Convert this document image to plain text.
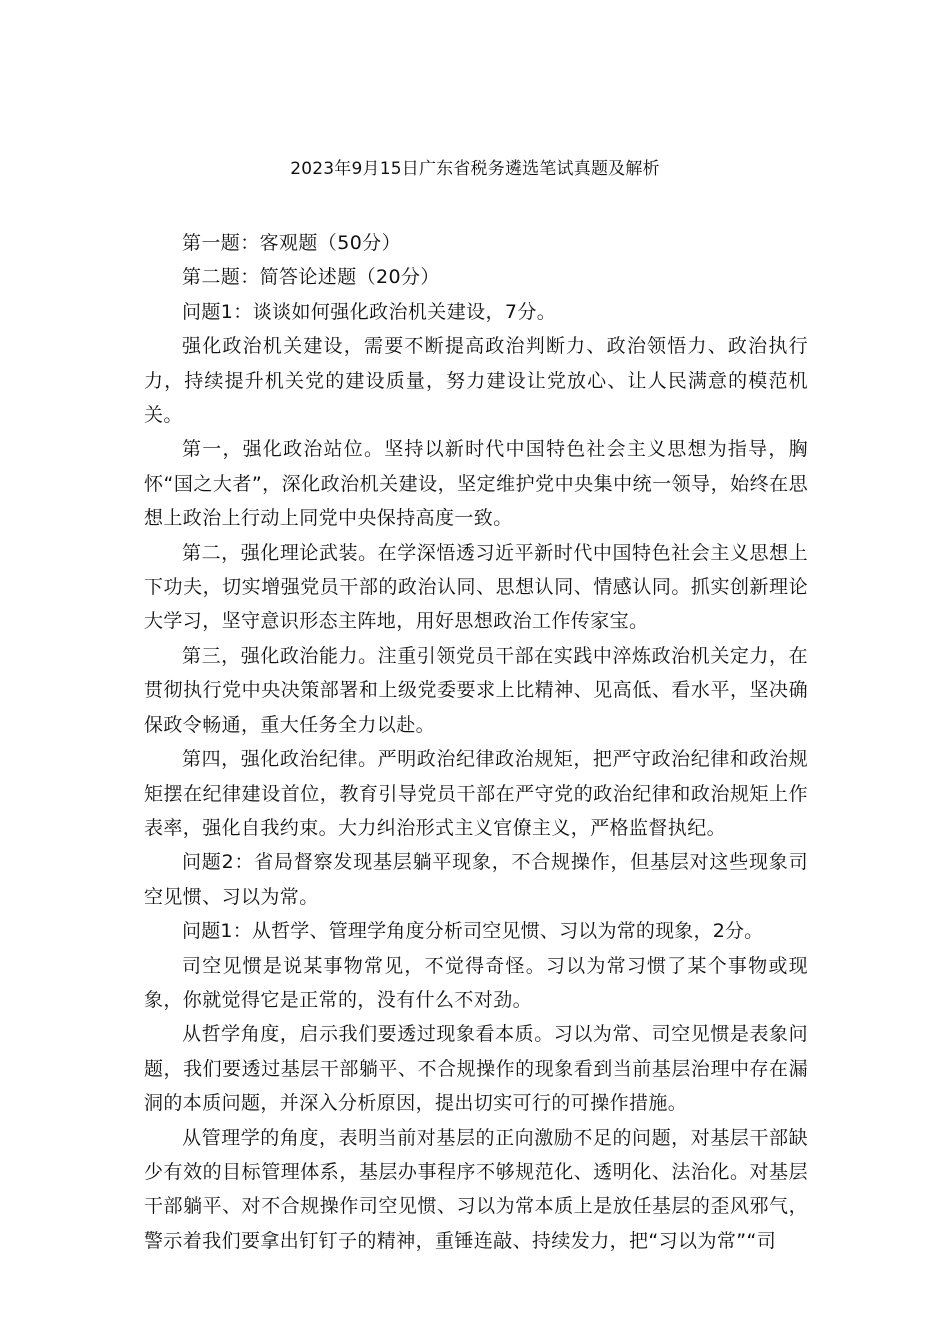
2023年9月15日广东省税务遴选笔试真题及解析

第一题：客观题（50分）

第二题：简答论述题（20分）

问题1：谈谈如何强化政治机关建设，7分。

强化政治机关建设，需要不断提高政治判断力、政治领悟力、政治执行力，持续提升机关党的建设质量，努力建设让党放心、让人民满意的模范机关。

第一，强化政治站位。坚持以新时代中国特色社会主义思想为指导，胸怀“国之大者”，深化政治机关建设，坚定维护党中央集中统一领导，始终在思想上政治上行动上同党中央保持高度一致。

第二，强化理论武装。在学深悟透习近平新时代中国特色社会主义思想上下功夫，切实增强党员干部的政治认同、思想认同、情感认同。抓实创新理论大学习，坚守意识形态主阵地，用好思想政治工作传家宝。

第三，强化政治能力。注重引领党员干部在实践中淬炼政治机关定力，在贯彻执行党中央决策部署和上级党委要求上比精神、见高低、看水平，坚决确保政令畅通，重大任务全力以赴。

第四，强化政治纪律。严明政治纪律政治规矩，把严守政治纪律和政治规矩摆在纪律建设首位，教育引导党员干部在严守党的政治纪律和政治规矩上作表率，强化自我约束。大力纠治形式主义官僚主义，严格监督执纪。

问题2：省局督察发现基层躺平现象，不合规操作，但基层对这些现象司空见惯、习以为常。

问题1：从哲学、管理学角度分析司空见惯、习以为常的现象，2分。

司空见惯是说某事物常见，不觉得奇怪。习以为常习惯了某个事物或现象，你就觉得它是正常的，没有什么不对劲。

从哲学角度，启示我们要透过现象看本质。习以为常、司空见惯是表象问题，我们要透过基层干部躺平、不合规操作的现象看到当前基层治理中存在漏洞的本质问题，并深入分析原因，提出切实可行的可操作措施。

从管理学的角度，表明当前对基层的正向激励不足的问题，对基层干部缺少有效的目标管理体系，基层办事程序不够规范化、透明化、法治化。对基层干部躺平、对不合规操作司空见惯、习以为常本质上是放任基层的歪风邪气，警示着我们要拿出钉钉子的精神，重锤连敲、持续发力，把“习以为常”“司
